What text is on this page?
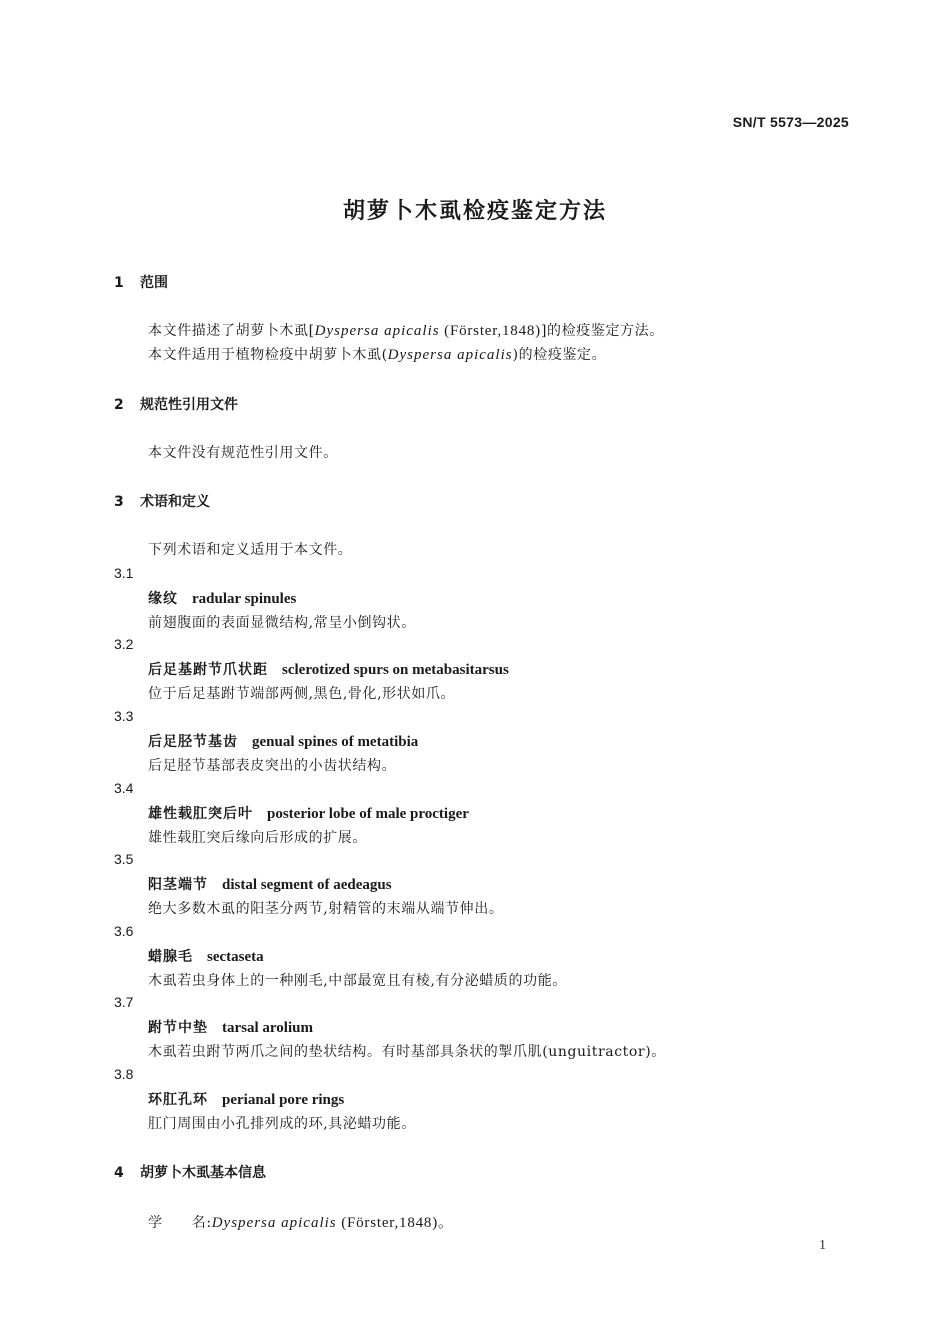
SN/T 5573—2025
胡萝卜木虱检疫鉴定方法
1 范围
本文件描述了胡萝卜木虱[Dyspersa apicalis (Förster,1848)]的检疫鉴定方法。
本文件适用于植物检疫中胡萝卜木虱(Dyspersa apicalis)的检疫鉴定。
2 规范性引用文件
本文件没有规范性引用文件。
3 术语和定义
下列术语和定义适用于本文件。
3.1
缘纹 radular spinules
前翅腹面的表面显微结构,常呈小倒钩状。
3.2
后足基跗节爪状距 sclerotized spurs on metabasitarsus
位于后足基跗节端部两侧,黑色,骨化,形状如爪。
3.3
后足胫节基齿 genual spines of metatibia
后足胫节基部表皮突出的小齿状结构。
3.4
雄性载肛突后叶 posterior lobe of male proctiger
雄性载肛突后缘向后形成的扩展。
3.5
阳茎端节 distal segment of aedeagus
绝大多数木虱的阳茎分两节,射精管的末端从端节伸出。
3.6
蜡腺毛 sectaseta
木虱若虫身体上的一种刚毛,中部最宽且有棱,有分泌蜡质的功能。
3.7
跗节中垫 tarsal arolium
木虱若虫跗节两爪之间的垫状结构。有时基部具条状的掣爪肌(unguitractor)。
3.8
环肛孔环 perianal pore rings
肛门周围由小孔排列成的环,具泌蜡功能。
4 胡萝卜木虱基本信息
学　　名:Dyspersa apicalis (Förster,1848)。
1
